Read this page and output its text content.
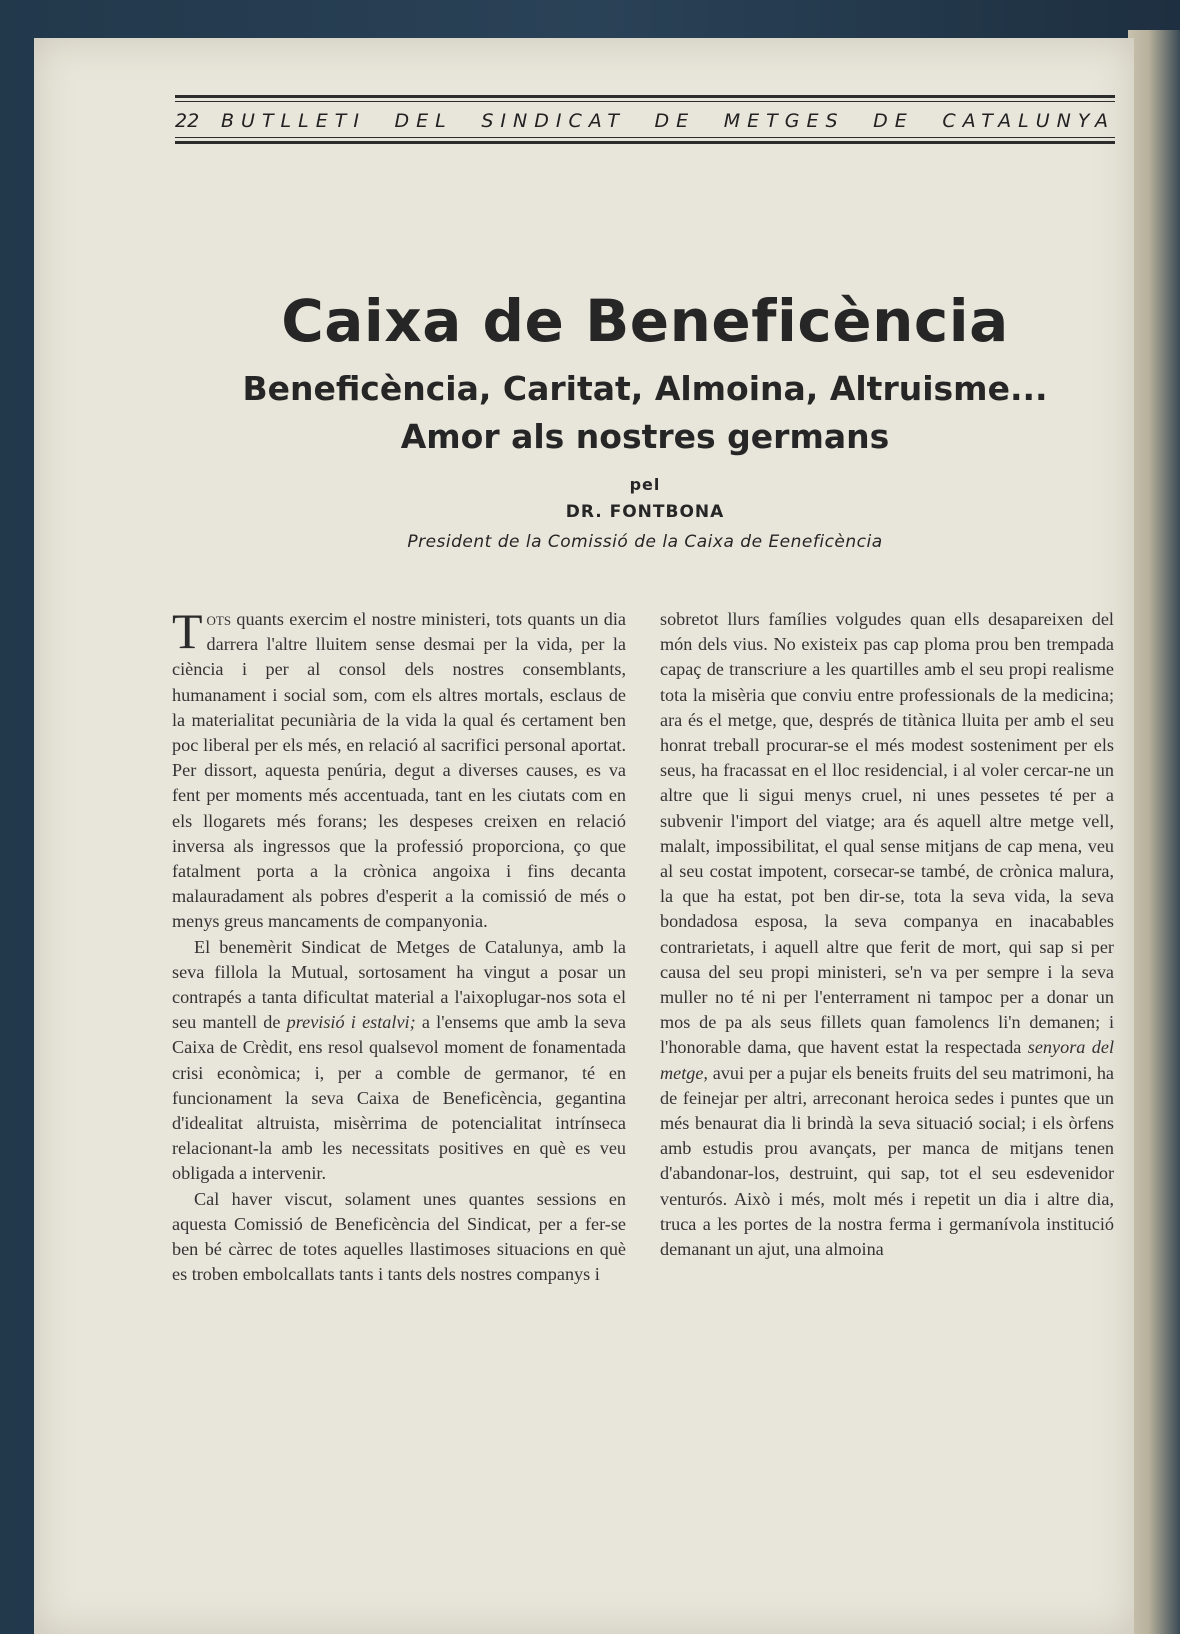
22	BUTLLETI DEL SINDICAT DE METGES DE CATALUNYA
Caixa de Beneficència
Beneficència, Caritat, Almoina, Altruisme...
Amor als nostres germans
pel
DR. FONTBONA
President de la Comissió de la Caixa de Eeneficència

Tots quants exercim el nostre ministeri, tots quants un dia darrera l'altre lluitem sense desmai per la vida, per la ciència i per al consol dels nostres consemblants, humanament i social som, com els altres mortals, esclaus de la materialitat pecuniària de la vida la qual és certament ben poc liberal per els més, en relació al sacrifici personal aportat. Per dissort, aquesta penúria, degut a diverses causes, es va fent per moments més accentuada, tant en les ciutats com en els llogarets més forans; les despeses creixen en relació inversa als ingressos que la professió proporciona, ço que fatalment porta a la crònica angoixa i fins decanta malauradament als pobres d'esperit a la comissió de més o menys greus mancaments de companyonia.

El benemèrit Sindicat de Metges de Catalunya, amb la seva fillola la Mutual, sortosament ha vingut a posar un contrapés a tanta dificultat material a l'aixoplugar-nos sota el seu mantell de previsió i estalvi; a l'ensems que amb la seva Caixa de Crèdit, ens resol qualsevol moment de fonamentada crisi econòmica; i, per a comble de germanor, té en funcionament la seva Caixa de Beneficència, gegantina d'idealitat altruista, misèrrima de potencialitat intrínseca relacionant-la amb les necessitats positives en què es veu obligada a intervenir.

Cal haver viscut, solament unes quantes sessions en aquesta Comissió de Beneficència del Sindicat, per a fer-se ben bé càrrec de totes aquelles llastimoses situacions en què es troben embolcallats tants i tants dels nostres companys i

sobretot llurs famílies volgudes quan ells desapareixen del món dels vius. No existeix pas cap ploma prou ben trempada capaç de transcriure a les quartilles amb el seu propi realisme tota la misèria que conviu entre professionals de la medicina; ara és el metge, que, després de titànica lluita per amb el seu honrat treball procurar-se el més modest sosteniment per els seus, ha fracassat en el lloc residencial, i al voler cercar-ne un altre que li sigui menys cruel, ni unes pessetes té per a subvenir l'import del viatge; ara és aquell altre metge vell, malalt, impossibilitat, el qual sense mitjans de cap mena, veu al seu costat impotent, corsecar-se també, de crònica malura, la que ha estat, pot ben dir-se, tota la seva vida, la seva bondadosa esposa, la seva companya en inacabables contrarietats, i aquell altre que ferit de mort, qui sap si per causa del seu propi ministeri, se'n va per sempre i la seva muller no té ni per l'enterrament ni tampoc per a donar un mos de pa als seus fillets quan famolencs li'n demanen; i l'honorable dama, que havent estat la respectada senyora del metge, avui per a pujar els beneits fruits del seu matrimoni, ha de feinejar per altri, arreconant heroica sedes i puntes que un més benaurat dia li brindà la seva situació social; i els òrfens amb estudis prou avançats, per manca de mitjans tenen d'abandonar-los, destruint, qui sap, tot el seu esdevenidor venturós. Això i més, molt més i repetit un dia i altre dia, truca a les portes de la nostra ferma i germanívola institució demanant un ajut, una almoina
